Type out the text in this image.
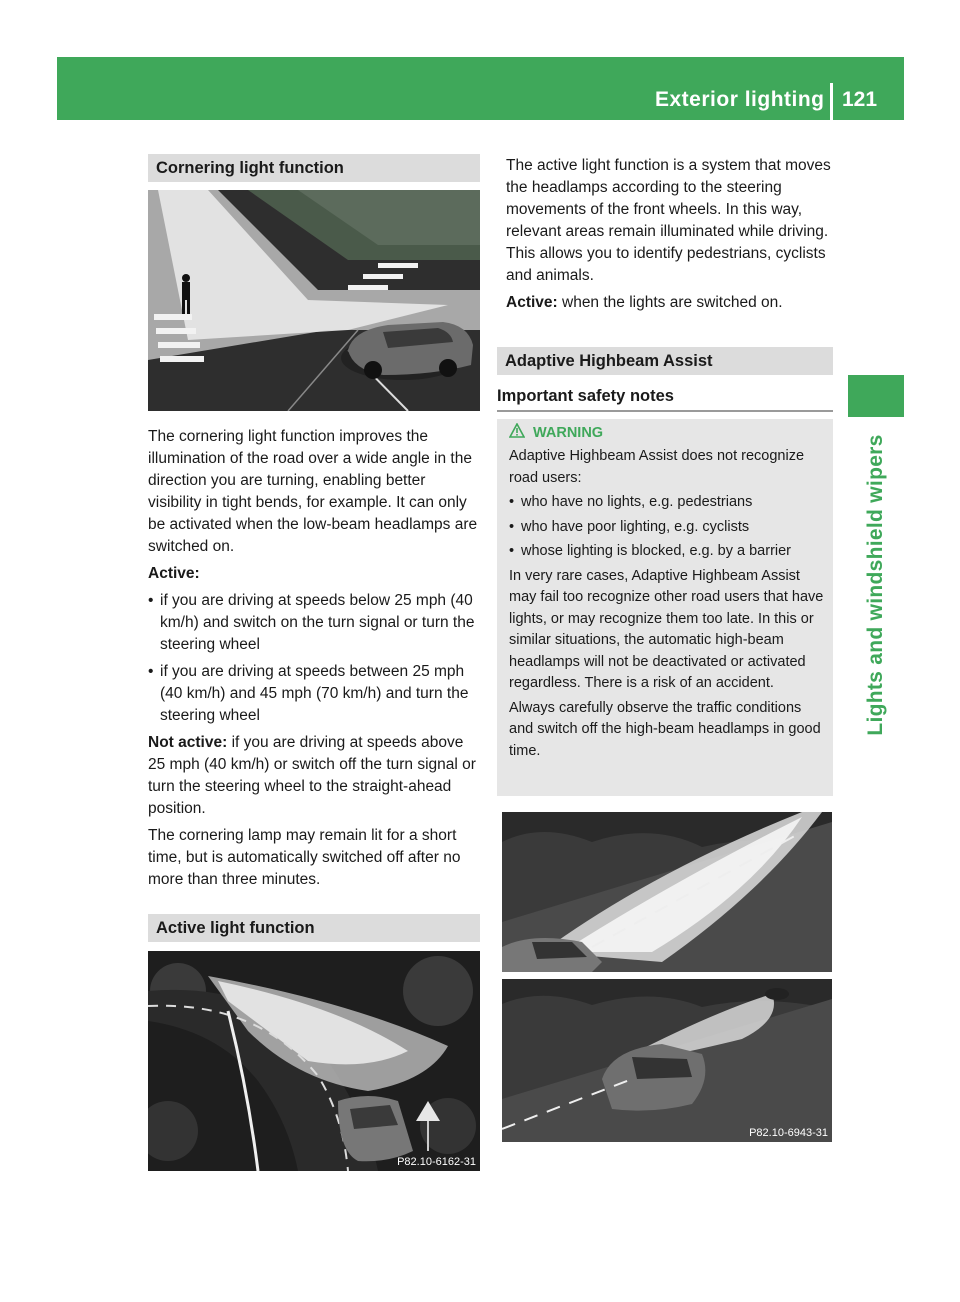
Exterior lighting 121
Lights and windshield wipers
Cornering light function

The cornering light function improves the illumination of the road over a wide angle in the direction you are turning, enabling better visibility in tight bends, for example. It can only be activated when the low-beam headlamps are switched on.

Active:

• if you are driving at speeds below 25 mph (40 km/h) and switch on the turn signal or turn the steering wheel

• if you are driving at speeds between 25 mph (40 km/h) and 45 mph (70 km/h) and turn the steering wheel

Not active: if you are driving at speeds above 25 mph (40 km/h) or switch off the turn signal or turn the steering wheel to the straight-ahead position.

The cornering lamp may remain lit for a short time, but is automatically switched off after no more than three minutes.

Active light function
P82.10-6162-31

The active light function is a system that moves the headlamps according to the steering movements of the front wheels. In this way, relevant areas remain illuminated while driving. This allows you to identify pedestrians, cyclists and animals.

Active: when the lights are switched on.

Adaptive Highbeam Assist
Important safety notes
WARNING

Adaptive Highbeam Assist does not recognize road users:

• who have no lights, e.g. pedestrians

• who have poor lighting, e.g. cyclists

• whose lighting is blocked, e.g. by a barrier

In very rare cases, Adaptive Highbeam Assist may fail too recognize other road users that have lights, or may recognize them too late. In this or similar situations, the automatic high-beam headlamps will not be deactivated or activated regardless. There is a risk of an accident.

Always carefully observe the traffic conditions and switch off the high-beam headlamps in good time.

P82.10-6943-31
